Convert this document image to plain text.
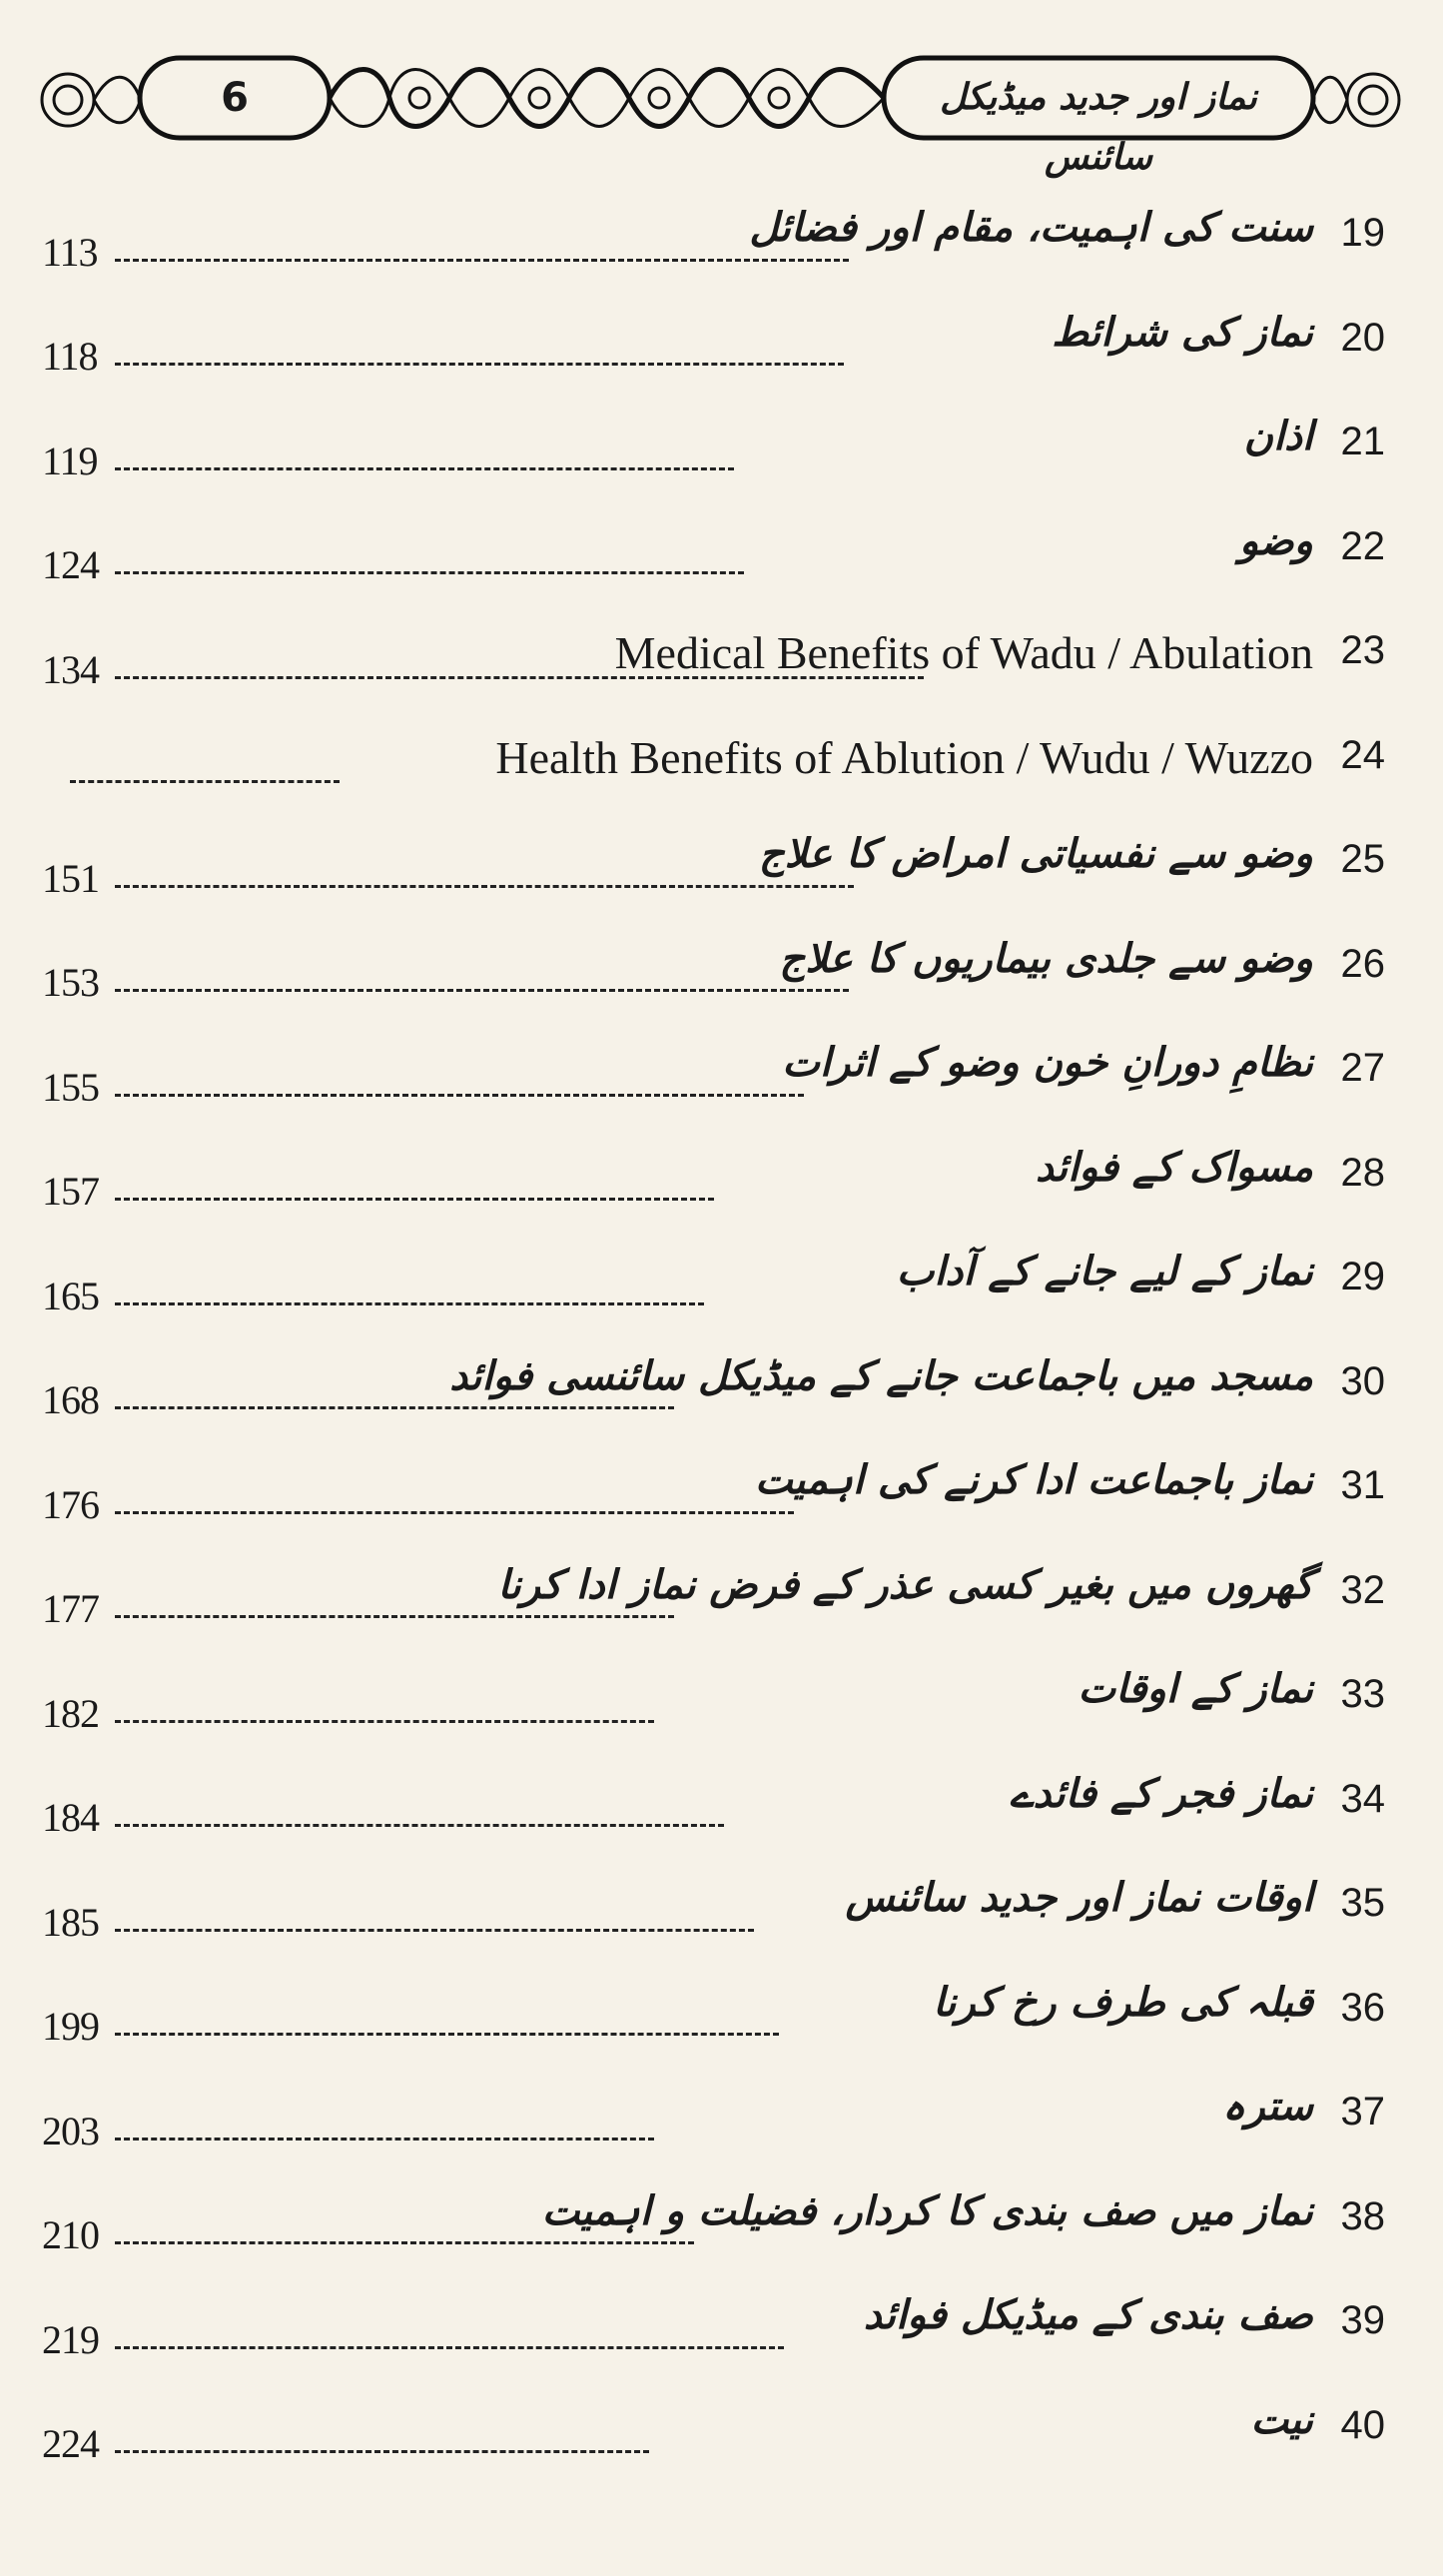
6	نماز اور جدید میڈیکل سائنس
113
سنت کی اہمیت، مقام اور فضائل 19
118
نماز کی شرائط 20
119
اذان 21
124
وضو 22
134	Medical Benefits of Wadu / Abulation 23
Health Benefits of Ablution / Wudu / Wuzzo 24
151
وضو سے نفسیاتی امراض کا علاج 25
153
وضو سے جلدی بیماریوں کا علاج 26
155
نظامِ دورانِ خون وضو کے اثرات 27
157
مسواک کے فوائد 28
165
نماز کے لیے جانے کے آداب 29
168
مسجد میں باجماعت جانے کے میڈیکل سائنسی فوائد 30
176
نماز باجماعت ادا کرنے کی اہمیت 31
177
گھروں میں بغیر کسی عذر کے فرض نماز ادا کرنا 32
182
نماز کے اوقات 33
184
نماز فجر کے فائدے 34
185
اوقات نماز اور جدید سائنس 35
199
قبلہ کی طرف رخ کرنا 36
203
سترہ 37
210
نماز میں صف بندی کا کردار، فضیلت و اہمیت 38
219
صف بندی کے میڈیکل فوائد 39
224
نیت 40
